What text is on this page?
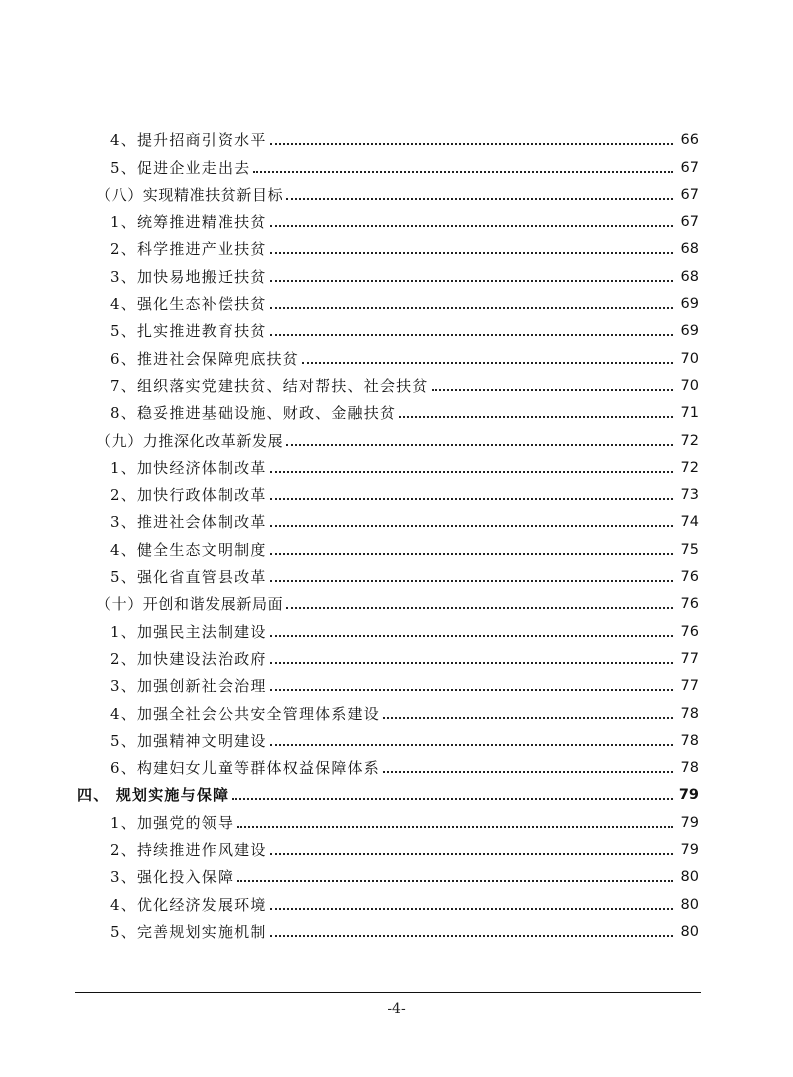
4、提升招商引资水平	66
5、促进企业走出去	67
（八）实现精准扶贫新目标	67
1、统筹推进精准扶贫	67
2、科学推进产业扶贫	68
3、加快易地搬迁扶贫	68
4、强化生态补偿扶贫	69
5、扎实推进教育扶贫	69
6、推进社会保障兜底扶贫	70
7、组织落实党建扶贫、结对帮扶、社会扶贫	70
8、稳妥推进基础设施、财政、金融扶贫	71
（九）力推深化改革新发展	72
1、加快经济体制改革	72
2、加快行政体制改革	73
3、推进社会体制改革	74
4、健全生态文明制度	75
5、强化省直管县改革	76
（十）开创和谐发展新局面	76
1、加强民主法制建设	76
2、加快建设法治政府	77
3、加强创新社会治理	77
4、加强全社会公共安全管理体系建设	78
5、加强精神文明建设	78
6、构建妇女儿童等群体权益保障体系	78
四、 规划实施与保障	79
1、加强党的领导	79
2、持续推进作风建设	79
3、强化投入保障	80
4、优化经济发展环境	80
5、完善规划实施机制	80
-4-
